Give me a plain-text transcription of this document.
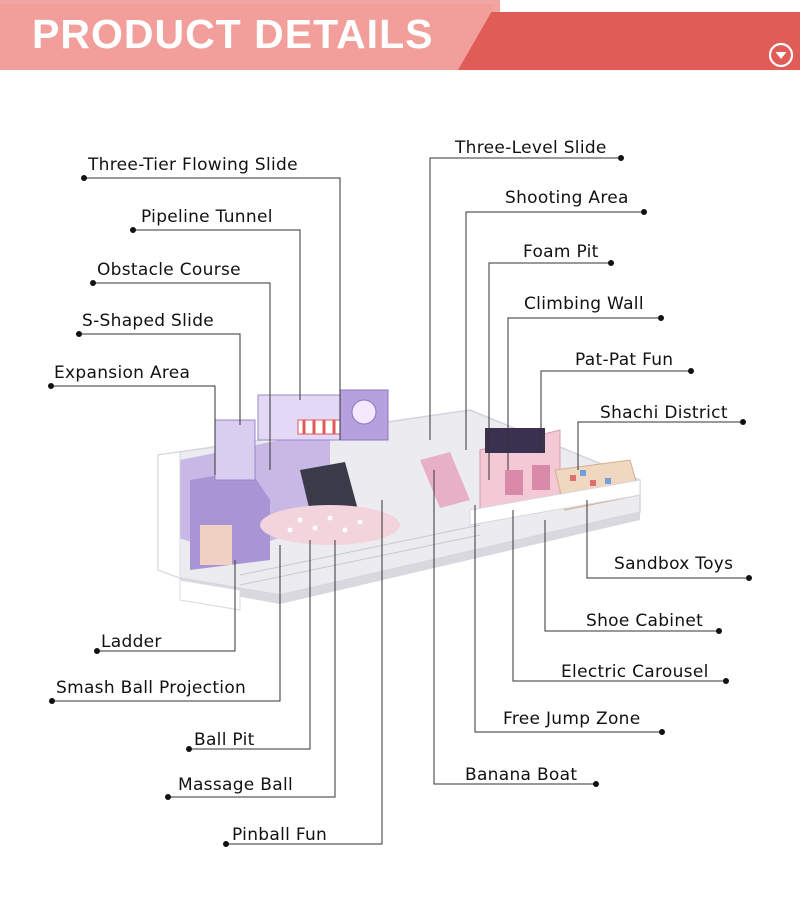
PRODUCT DETAILS
Three-Tier Flowing Slide
Pipeline Tunnel
Obstacle Course
S-Shaped Slide
Expansion Area
Ladder
Smash Ball Projection
Ball Pit
Massage Ball
Pinball Fun
Three-Level Slide
Shooting Area
Foam Pit
Climbing Wall
Pat-Pat Fun
Shachi District
Sandbox Toys
Shoe Cabinet
Electric Carousel
Free Jump Zone
Banana Boat
